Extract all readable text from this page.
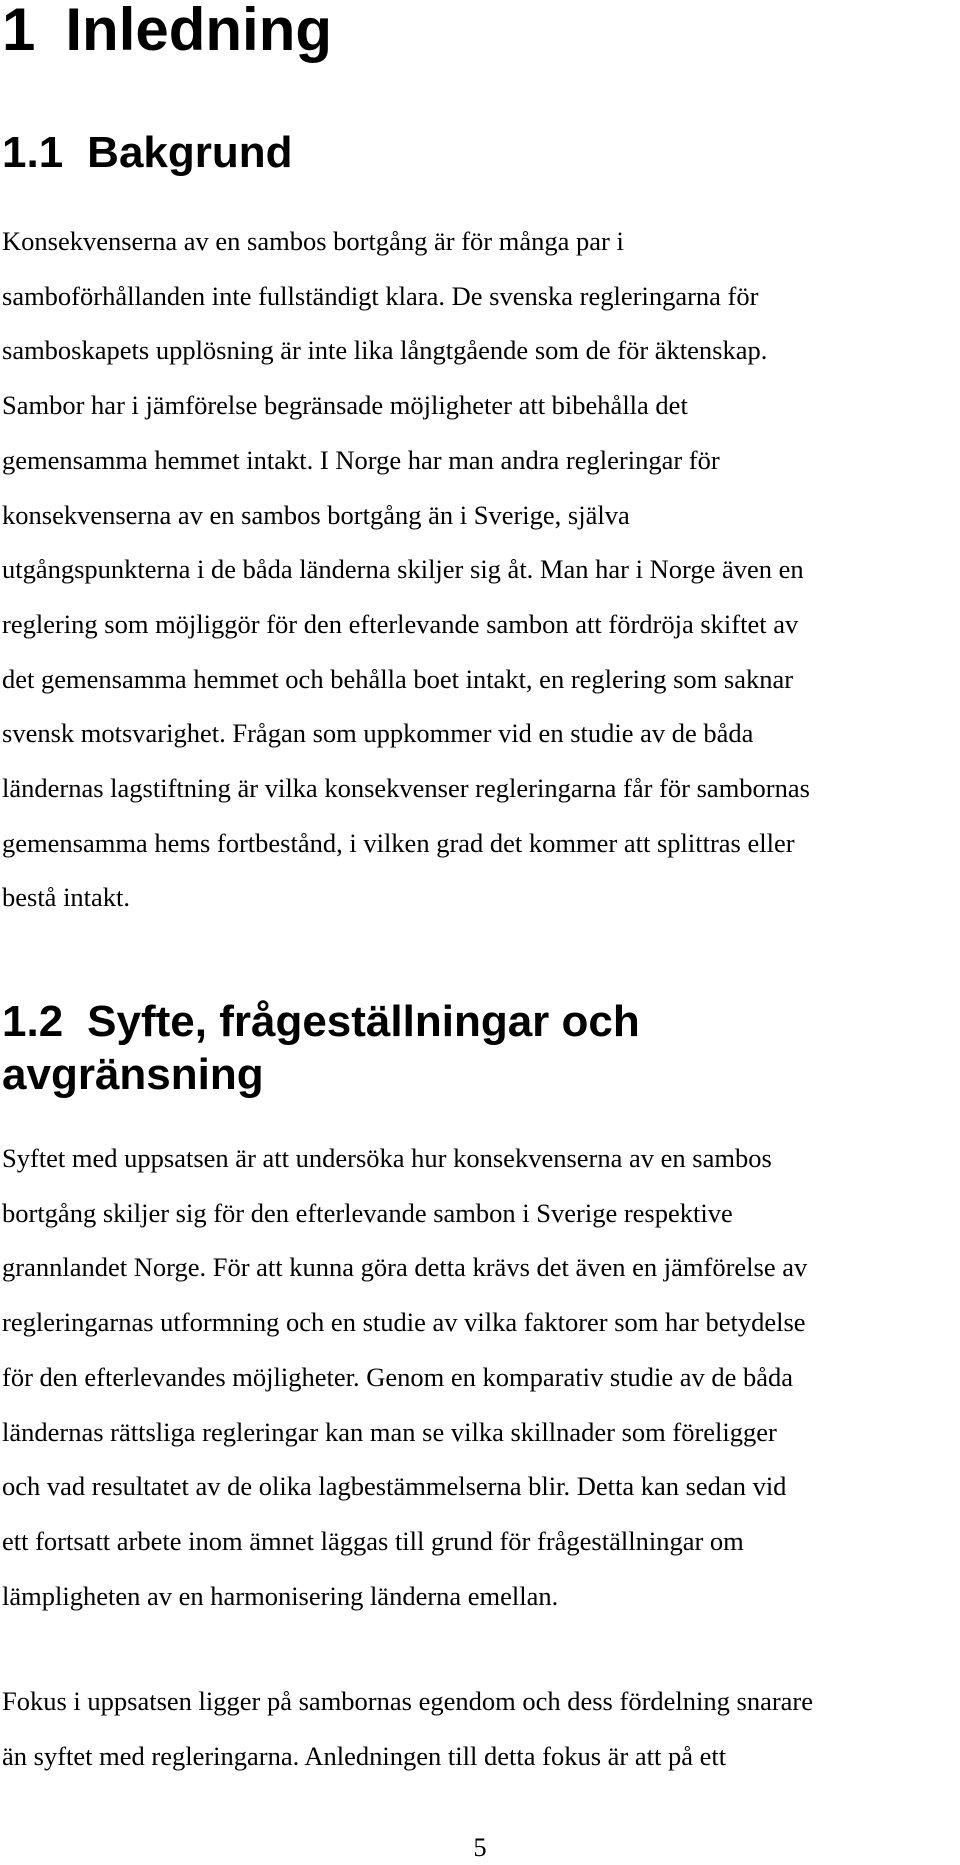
1 Inledning
1.1 Bakgrund

Konsekvenserna av en sambos bortgång är för många par i
samboförhållanden inte fullständigt klara. De svenska regleringarna för
samboskapets upplösning är inte lika långtgående som de för äktenskap.
Sambor har i jämförelse begränsade möjligheter att bibehålla det
gemensamma hemmet intakt. I Norge har man andra regleringar för
konsekvenserna av en sambos bortgång än i Sverige, själva
utgångspunkterna i de båda länderna skiljer sig åt. Man har i Norge även en
reglering som möjliggör för den efterlevande sambon att fördröja skiftet av
det gemensamma hemmet och behålla boet intakt, en reglering som saknar
svensk motsvarighet. Frågan som uppkommer vid en studie av de båda
ländernas lagstiftning är vilka konsekvenser regleringarna får för sambornas
gemensamma hems fortbestånd, i vilken grad det kommer att splittras eller
bestå intakt.

1.2 Syfte, frågeställningar och avgränsning

Syftet med uppsatsen är att undersöka hur konsekvenserna av en sambos
bortgång skiljer sig för den efterlevande sambon i Sverige respektive
grannlandet Norge. För att kunna göra detta krävs det även en jämförelse av
regleringarnas utformning och en studie av vilka faktorer som har betydelse
för den efterlevandes möjligheter. Genom en komparativ studie av de båda
ländernas rättsliga regleringar kan man se vilka skillnader som föreligger
och vad resultatet av de olika lagbestämmelserna blir. Detta kan sedan vid
ett fortsatt arbete inom ämnet läggas till grund för frågeställningar om
lämpligheten av en harmonisering länderna emellan.

Fokus i uppsatsen ligger på sambornas egendom och dess fördelning snarare
än syftet med regleringarna. Anledningen till detta fokus är att på ett

5
